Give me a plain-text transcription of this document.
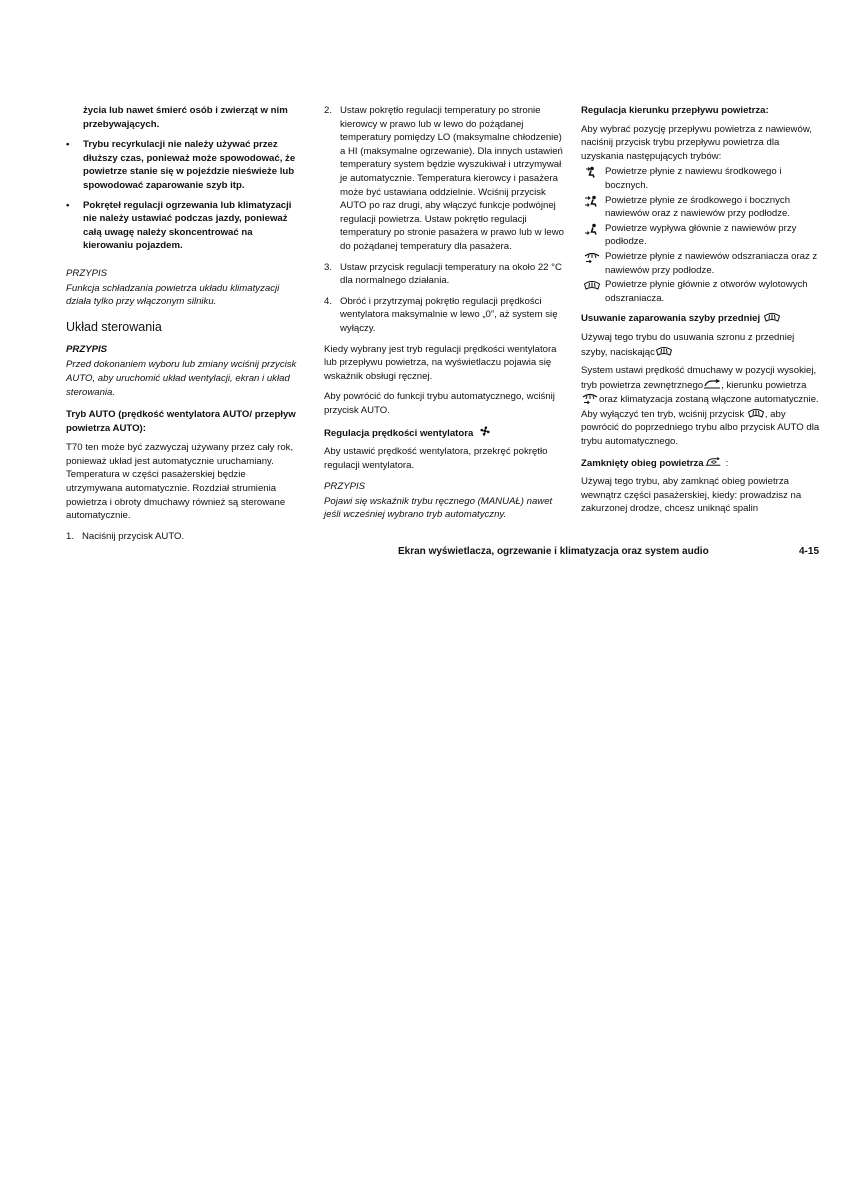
życia lub nawet śmierć osób i zwierząt w nim przebywających.

• Trybu recyrkulacji nie należy używać przez dłuższy czas, ponieważ może spowodować, że powietrze stanie się w pojeździe nieświeże lub spowodować zaparowanie szyb itp.
• Pokręteł regulacji ogrzewania lub klimatyzacji nie należy ustawiać podczas jazdy, ponieważ całą uwagę należy skoncentrować na kierowaniu pojazdem.

PRZYPIS

Funkcja schładzania powietrza układu klimatyzacji działa tylko przy włączonym silniku.

Układ sterowania

PRZYPIS

Przed dokonaniem wyboru lub zmiany wciśnij przycisk AUTO, aby uruchomić układ wentylacji, ekran i układ sterowania.

Tryb AUTO (prędkość wentylatora AUTO/ przepływ powietrza AUTO):

T70 ten może być zazwyczaj używany przez cały rok, ponieważ układ jest automatycznie uruchamiany. Temperatura w części pasażerskiej będzie utrzymywana automatycznie. Rozdział strumienia powietrza i obroty dmuchawy również są sterowane automatycznie.

1. Naciśnij przycisk AUTO.
2. Ustaw pokrętło regulacji temperatury po stronie kierowcy w prawo lub w lewo do pożądanej temperatury pomiędzy LO (maksymalne chłodzenie) a HI (maksymalne ogrzewanie). Dla innych ustawień temperatury system będzie wyszukiwał i utrzymywał je automatycznie. Temperatura kierowcy i pasażera może być ustawiana oddzielnie. Wciśnij przycisk AUTO po raz drugi, aby włączyć funkcje podwójnej regulacji powietrza. Ustaw pokrętło regulacji temperatury po stronie pasażera w prawo lub w lewo do pożądanej temperatury dla pasażera.
3. Ustaw przycisk regulacji temperatury na około 22 °C dla normalnego działania.
4. Obróć i przytrzymaj pokrętło regulacji prędkości wentylatora maksymalnie w lewo „0”, aż system się wyłączy.

Kiedy wybrany jest tryb regulacji prędkości wentylatora lub przepływu powietrza, na wyświetlaczu pojawia się wskaźnik obsługi ręcznej.

Aby powrócić do funkcji trybu automatycznego, wciśnij przycisk AUTO.

Regulacja prędkości wentylatora

Aby ustawić prędkość wentylatora, przekręć pokrętło regulacji wentylatora.

PRZYPIS

Pojawi się wskaźnik trybu ręcznego (MANUAŁ) nawet jeśli wcześniej wybrano tryb automatyczny.

Regulacja kierunku przepływu powietrza:

Aby wybrać pozycję przepływu powietrza z nawiewów, naciśnij przycisk trybu przepływu powietrza dla uzyskania następujących trybów:

Powietrze płynie z nawiewu środkowego i bocznych.
Powietrze płynie ze środkowego i bocznych nawiewów oraz z nawiewów przy podłodze.
Powietrze wypływa głównie z nawiewów przy podłodze.
Powietrze płynie z nawiewów odszraniacza oraz z nawiewów przy podłodze.
Powietrze płynie głównie z otworów wylotowych odszraniacza.

Usuwanie zaparowania szyby przedniej

Używaj tego trybu do usuwania szronu z przedniej szyby, naciskając

System ustawi prędkość dmuchawy w pozycji wysokiej, tryb powietrza zewnętrznego , kierunku powietrza
oraz klimatyzacja zostaną włączone automatycznie. Aby wyłączyć ten tryb, wciśnij przycisk , aby powrócić do poprzedniego trybu albo przycisk AUTO dla trybu automatycznego.

Zamknięty obieg powietrza :

Używaj tego trybu, aby zamknąć obieg powietrza wewnątrz części pasażerskiej, kiedy: prowadzisz na zakurzonej drodze, chcesz uniknąć spalin

Ekran wyświetlacza, ogrzewanie i klimatyzacja oraz system audio	4-15
